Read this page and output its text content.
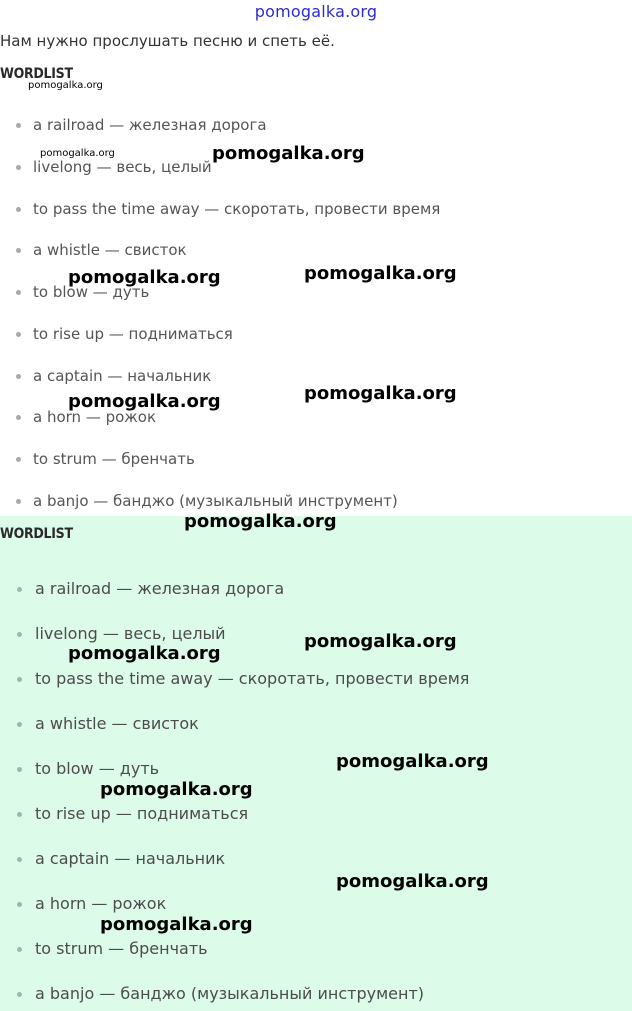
pomogalka.org
Нам нужно прослушать песню и спеть её.
WORDLIST
a railroad — железная дорога
livelong — весь, целый
to pass the time away — скоротать, провести время
a whistle — свисток
to blow — дуть
to rise up — подниматься
a captain — начальник
a horn — рожок
to strum — бренчать
a banjo — банджо (музыкальный инструмент)
WORDLIST
a railroad — железная дорога
livelong — весь, целый
to pass the time away — скоротать, провести время
a whistle — свисток
to blow — дуть
to rise up — подниматься
a captain — начальник
a horn — рожок
to strum — бренчать
a banjo — банджо (музыкальный инструмент)
pomogalka.org
pomogalka.org	pomogalka.org
pomogalka.org
pomogalka.org
pomogalka.org
pomogalka.org
pomogalka.org
pomogalka.org
pomogalka.org
pomogalka.org
pomogalka.org
pomogalka.org
pomogalka.org
